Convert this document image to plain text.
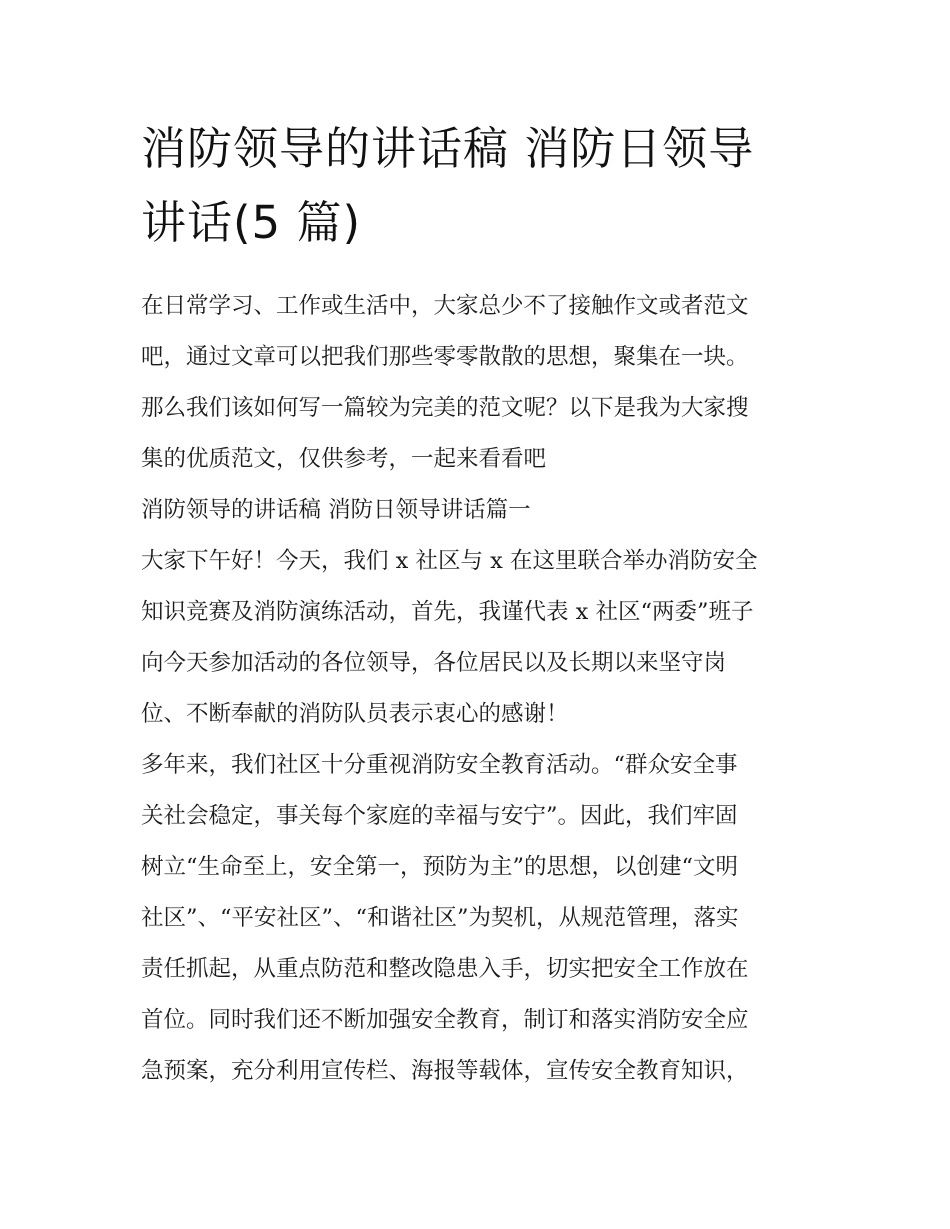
消防领导的讲话稿 消防日领导
讲话(5 篇)

在日常学习、工作或生活中，大家总少不了接触作文或者范文

吧，通过文章可以把我们那些零零散散的思想，聚集在一块。

那么我们该如何写一篇较为完美的范文呢？以下是我为大家搜

集的优质范文，仅供参考，一起来看看吧

消防领导的讲话稿 消防日领导讲话篇一

大家下午好！今天，我们 x 社区与 x 在这里联合举办消防安全

知识竞赛及消防演练活动，首先，我谨代表 x 社区“两委”班子

向今天参加活动的各位领导，各位居民以及长期以来坚守岗

位、不断奉献的消防队员表示衷心的感谢！

多年来，我们社区十分重视消防安全教育活动。“群众安全事

关社会稳定，事关每个家庭的幸福与安宁”。因此，我们牢固

树立“生命至上，安全第一，预防为主”的思想，以创建“文明

社区”、“平安社区”、“和谐社区”为契机，从规范管理，落实

责任抓起，从重点防范和整改隐患入手，切实把安全工作放在

首位。同时我们还不断加强安全教育，制订和落实消防安全应

急预案，充分利用宣传栏、海报等载体，宣传安全教育知识，
